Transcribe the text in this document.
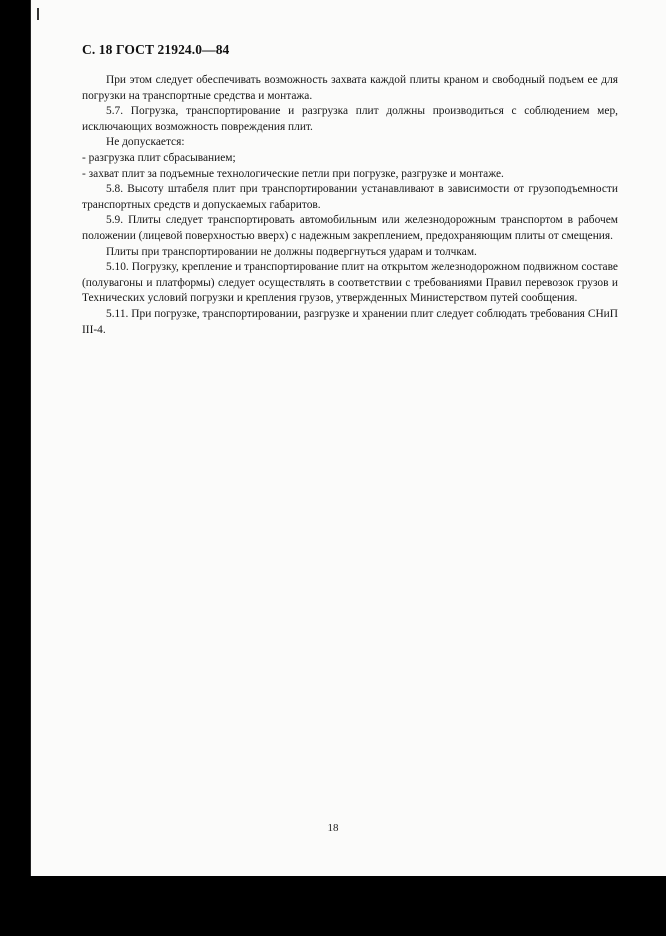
С. 18 ГОСТ 21924.0—84

При этом следует обеспечивать возможность захвата каждой плиты краном и свободный подъем ее для погрузки на транспортные средства и монтажа.

5.7. Погрузка, транспортирование и разгрузка плит должны производиться с соблюдением мер, исключающих возможность повреждения плит.

Не допускается:

- разгрузка плит сбрасыванием;

- захват плит за подъемные технологические петли при погрузке, разгрузке и монтаже.

5.8. Высоту штабеля плит при транспортировании устанавливают в зависимости от грузоподъемности транспортных средств и допускаемых габаритов.

5.9. Плиты следует транспортировать автомобильным или железнодорожным транспортом в рабочем положении (лицевой поверхностью вверх) с надежным закреплением, предохраняющим плиты от смещения.

Плиты при транспортировании не должны подвергнуться ударам и толчкам.

5.10. Погрузку, крепление и транспортирование плит на открытом железнодорожном подвижном составе (полувагоны и платформы) следует осуществлять в соответствии с требованиями Правил перевозок грузов и Технических условий погрузки и крепления грузов, утвержденных Министерством путей сообщения.

5.11. При погрузке, транспортировании, разгрузке и хранении плит следует соблюдать требования СНиП III-4.

18
